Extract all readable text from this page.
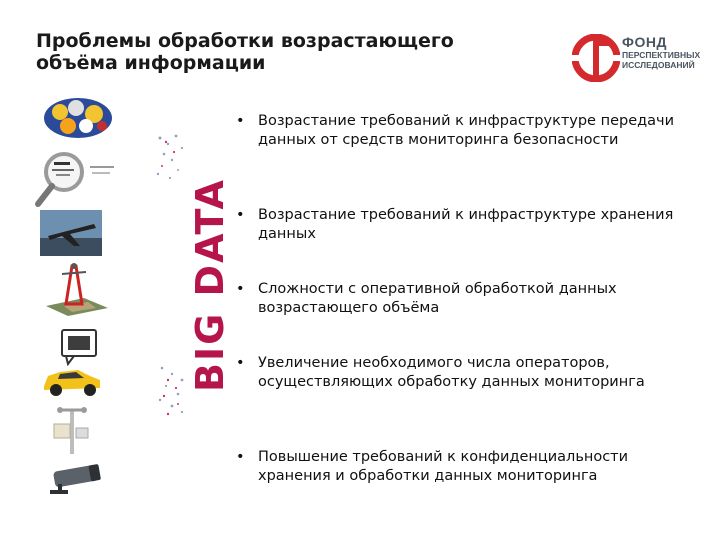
Проблемы обработки возрастающего
объёма информации
ФОНД
ПЕРСПЕКТИВНЫХ
ИССЛЕДОВАНИЙ
BIG DATA
• Возрастание требований к инфраструктуре передачи данных от средств мониторинга безопасности
• Возрастание требований к инфраструктуре хранения данных
• Сложности с оперативной обработкой данных возрастающего объёма
• Увеличение необходимого числа операторов, осуществляющих обработку данных мониторинга
• Повышение требований к конфиденциальности хранения и обработки данных мониторинга
